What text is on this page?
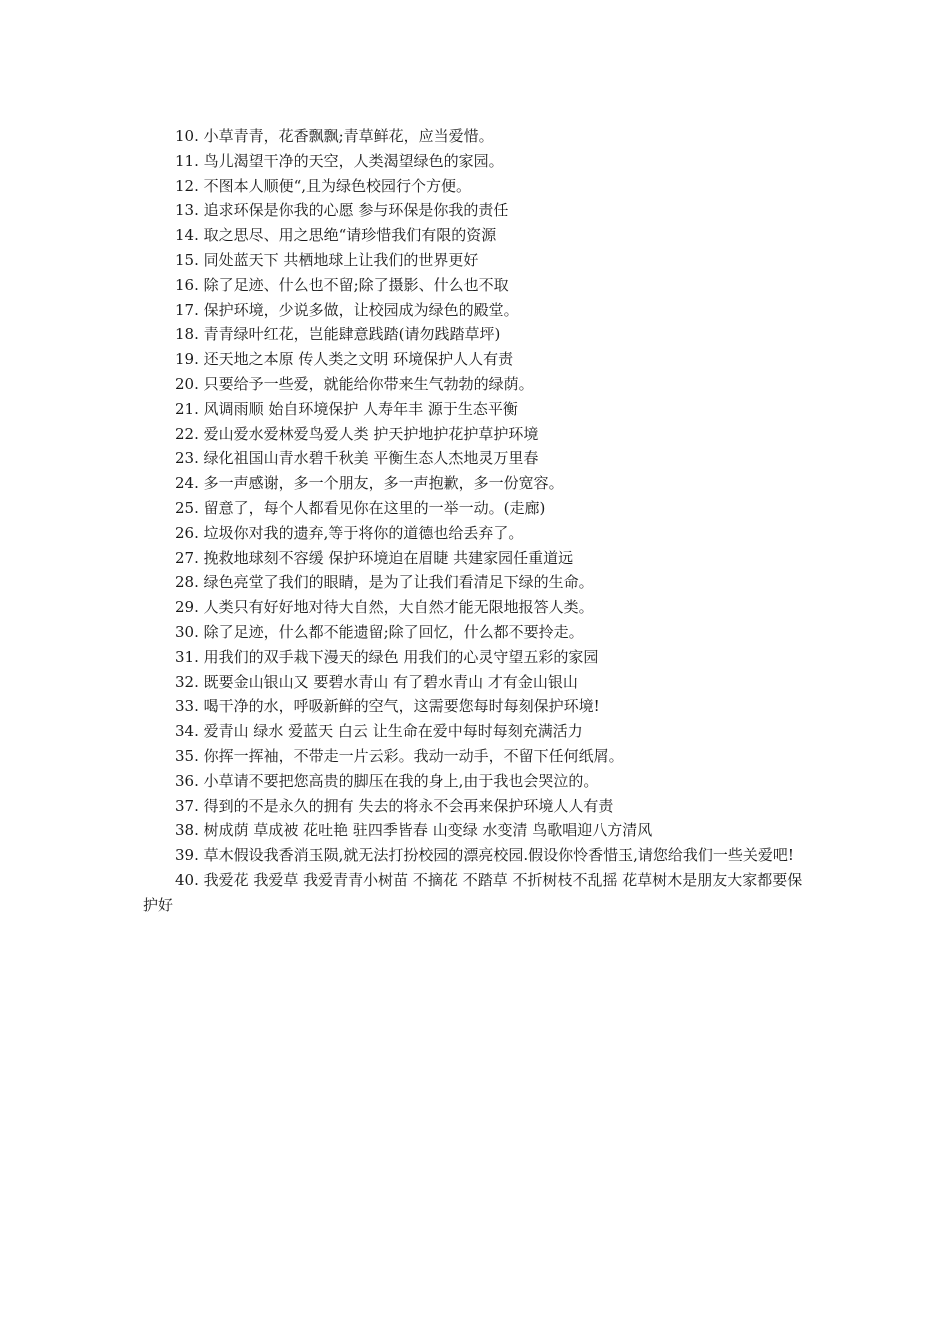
10. 小草青青，花香飘飘;青草鲜花，应当爱惜。

11. 鸟儿渴望干净的天空，人类渴望绿色的家园。

12. 不图本人顺便“,且为绿色校园行个方便。

13. 追求环保是你我的心愿 参与环保是你我的责任

14. 取之思尽、用之思绝“请珍惜我们有限的资源

15. 同处蓝天下 共栖地球上让我们的世界更好

16. 除了足迹、什么也不留;除了摄影、什么也不取

17. 保护环境，少说多做，让校园成为绿色的殿堂。

18. 青青绿叶红花，岂能肆意践踏(请勿践踏草坪)

19. 还天地之本原 传人类之文明 环境保护人人有责

20. 只要给予一些爱，就能给你带来生气勃勃的绿荫。

21. 风调雨顺 始自环境保护 人寿年丰 源于生态平衡

22. 爱山爱水爱林爱鸟爱人类 护天护地护花护草护环境

23. 绿化祖国山青水碧千秋美 平衡生态人杰地灵万里春

24. 多一声感谢，多一个朋友，多一声抱歉，多一份宽容。

25. 留意了，每个人都看见你在这里的一举一动。(走廊)

26. 垃圾你对我的遗弃,等于将你的道德也给丢弃了。

27. 挽救地球刻不容缓 保护环境迫在眉睫 共建家园任重道远

28. 绿色亮堂了我们的眼睛，是为了让我们看清足下绿的生命。

29. 人类只有好好地对待大自然，大自然才能无限地报答人类。

30. 除了足迹，什么都不能遗留;除了回忆，什么都不要拎走。

31. 用我们的双手栽下漫天的绿色 用我们的心灵守望五彩的家园

32. 既要金山银山又 要碧水青山 有了碧水青山 才有金山银山

33. 喝干净的水，呼吸新鲜的空气，这需要您每时每刻保护环境!

34. 爱青山 绿水 爱蓝天 白云 让生命在爱中每时每刻充满活力

35. 你挥一挥袖，不带走一片云彩。我动一动手，不留下任何纸屑。

36. 小草请不要把您高贵的脚压在我的身上,由于我也会哭泣的。

37. 得到的不是永久的拥有 失去的将永不会再来保护环境人人有责

38. 树成荫 草成被 花吐艳 驻四季皆春 山变绿 水变清 鸟歌唱迎八方清风

39. 草木假设我香消玉陨,就无法打扮校园的漂亮校园.假设你怜香惜玉,请您给我们一些关爱吧!

40. 我爱花 我爱草 我爱青青小树苗 不摘花 不踏草 不折树枝不乱摇 花草树木是朋友大家都要保护好
